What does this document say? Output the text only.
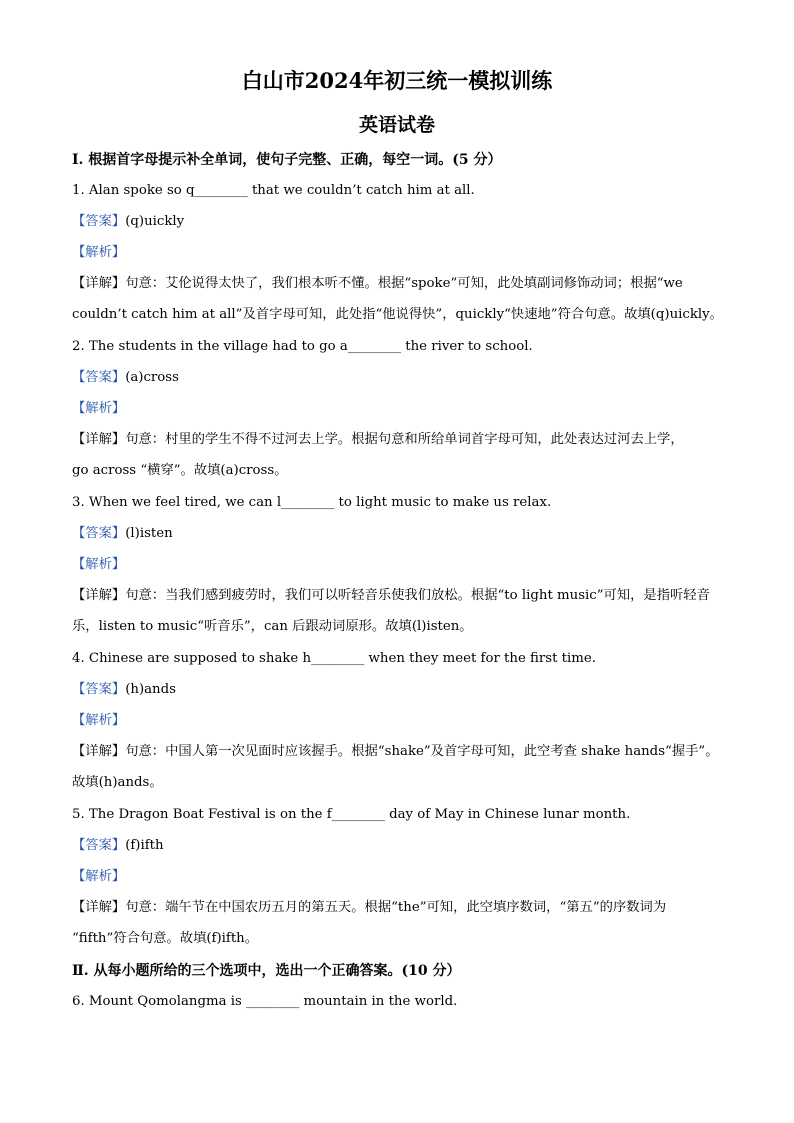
白山市2024年初三统一模拟训练
英语试卷
I. 根据首字母提示补全单词，使句子完整、正确，每空一词。(5 分）
1. Alan spoke so q________ that we couldn’t catch him at all.
【答案】(q)uickly
【解析】
【详解】句意：艾伦说得太快了，我们根本听不懂。根据“spoke”可知，此处填副词修饰动词；根据“we
couldn’t catch him at all”及首字母可知，此处指“他说得快”，quickly“快速地”符合句意。故填(q)uickly。
2. The students in the village had to go a________ the river to school.
【答案】(a)cross
【解析】
【详解】句意：村里的学生不得不过河去上学。根据句意和所给单词首字母可知，此处表达过河去上学，
go across “横穿”。故填(a)cross。
3. When we feel tired, we can l________ to light music to make us relax.
【答案】(l)isten
【解析】
【详解】句意：当我们感到疲劳时，我们可以听轻音乐使我们放松。根据“to light music”可知，是指听轻音
乐，listen to music“听音乐”，can 后跟动词原形。故填(l)isten。
4. Chinese are supposed to shake h________ when they meet for the first time.
【答案】(h)ands
【解析】
【详解】句意：中国人第一次见面时应该握手。根据“shake”及首字母可知，此空考查 shake hands“握手”。
故填(h)ands。
5. The Dragon Boat Festival is on the f________ day of May in Chinese lunar month.
【答案】(f)ifth
【解析】
【详解】句意：端午节在中国农历五月的第五天。根据“the”可知，此空填序数词，“第五”的序数词为
“fifth”符合句意。故填(f)ifth。
Ⅱ. 从每小题所给的三个选项中，选出一个正确答案。(10 分）
6. Mount Qomolangma is ________ mountain in the world.
